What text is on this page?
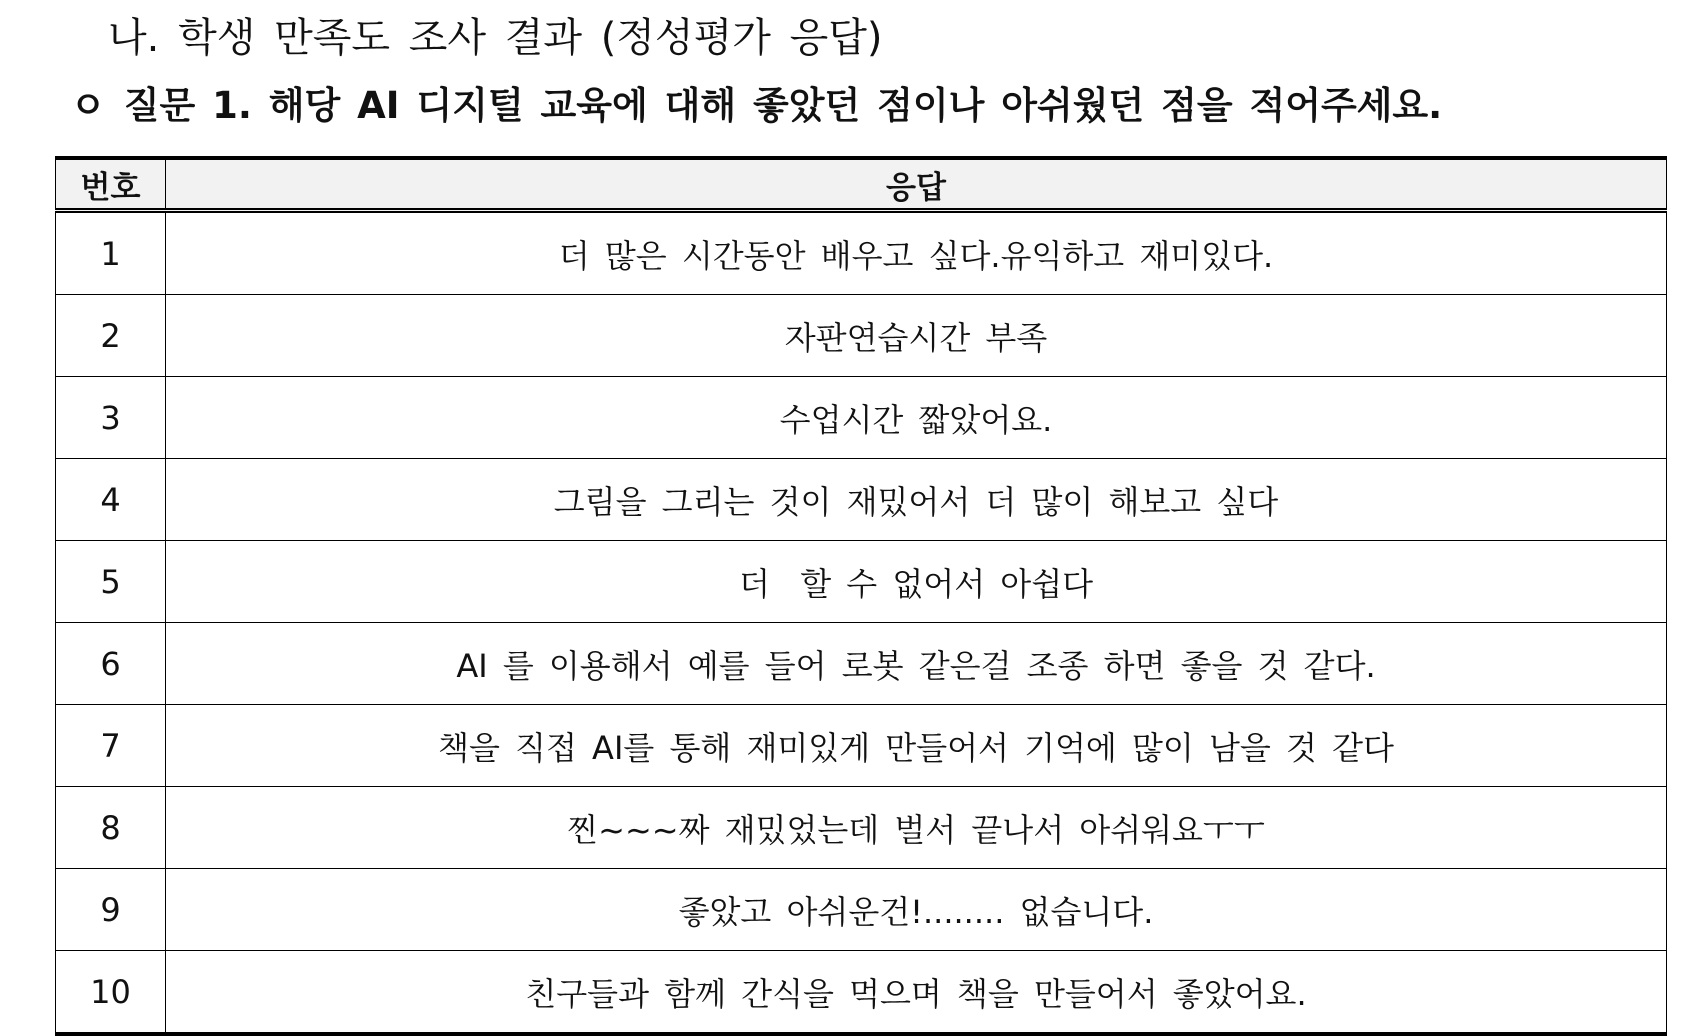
나. 학생 만족도 조사 결과 (정성평가 응답)
ㅇ 질문 1. 해당 AI 디지털 교육에 대해 좋았던 점이나 아쉬웠던 점을 적어주세요.
번호	응답
1	더 많은 시간동안 배우고 싶다.유익하고 재미있다.
2	자판연습시간 부족
3	수업시간 짧았어요.
4	그림을 그리는 것이 재밌어서 더 많이 해보고 싶다
5	더  할 수 없어서 아쉽다
6	AI 를 이용해서 예를 들어 로봇 같은걸 조종 하면 좋을 것 같다.
7	책을 직접 AI를 통해 재미있게 만들어서 기억에 많이 남을 것 같다
8	찐~~~짜 재밌었는데 벌서 끝나서 아쉬워요ㅜㅜ
9	좋았고 아쉬운건!........ 없습니다.
10	친구들과 함께 간식을 먹으며 책을 만들어서 좋았어요.
